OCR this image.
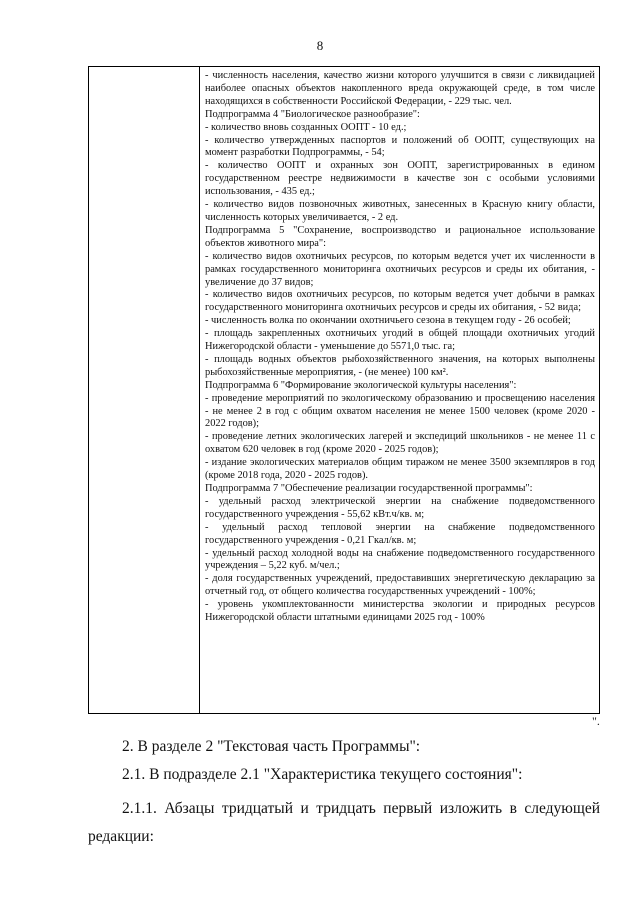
8

- численность населения, качество жизни которого улучшится в связи с ликвидацией наиболее опасных объектов накопленного вреда окружающей среде, в том числе находящихся в собственности Российской Федерации, - 229 тыс. чел.

Подпрограмма 4 "Биологическое разнообразие":

- количество вновь созданных ООПТ - 10 ед.;

- количество утвержденных паспортов и положений об ООПТ, существующих на момент разработки Подпрограммы, - 54;

- количество ООПТ и охранных зон ООПТ, зарегистрированных в едином государственном реестре недвижимости в качестве зон с особыми условиями использования, - 435 ед.;

- количество видов позвоночных животных, занесенных в Красную книгу области, численность которых увеличивается, - 2 ед.

Подпрограмма 5 "Сохранение, воспроизводство и рациональное использование объектов животного мира":

- количество видов охотничьих ресурсов, по которым ведется учет их численности в рамках государственного мониторинга охотничьих ресурсов и среды их обитания, - увеличение до 37 видов;

- количество видов охотничьих ресурсов, по которым ведется учет добычи в рамках государственного мониторинга охотничьих ресурсов и среды их обитания, - 52 вида;

- численность волка по окончании охотничьего сезона в текущем году - 26 особей;

- площадь закрепленных охотничьих угодий в общей площади охотничьих угодий Нижегородской области - уменьшение до 5571,0 тыс. га;

- площадь водных объектов рыбохозяйственного значения, на которых выполнены рыбохозяйственные мероприятия, - (не менее) 100 км².

Подпрограмма 6 "Формирование экологической культуры населения":

- проведение мероприятий по экологическому образованию и просвещению населения - не менее 2 в год с общим охватом населения не менее 1500 человек (кроме 2020 - 2022 годов);

- проведение летних экологических лагерей и экспедиций школьников - не менее 11 с охватом 620 человек в год (кроме 2020 - 2025 годов);

- издание экологических материалов общим тиражом не менее 3500 экземпляров в год (кроме 2018 года, 2020 - 2025 годов).

Подпрограмма 7 "Обеспечение реализации государственной программы":

- удельный расход электрической энергии на снабжение подведомственного государственного учреждения - 55,62 кВт.ч/кв. м;

- удельный расход тепловой энергии на снабжение подведомственного государственного учреждения - 0,21 Гкал/кв. м;

- удельный расход холодной воды на снабжение подведомственного государственного учреждения – 5,22 куб. м/чел.;

- доля государственных учреждений, предоставивших энергетическую декларацию за отчетный год, от общего количества государственных учреждений - 100%;

- уровень укомплектованности министерства экологии и природных ресурсов Нижегородской области штатными единицами 2025 год - 100%

".
2. В разделе 2 "Текстовая часть Программы":
2.1. В подразделе 2.1 "Характеристика текущего состояния":
2.1.1. Абзацы тридцатый и тридцать первый изложить в следующей редакции:
